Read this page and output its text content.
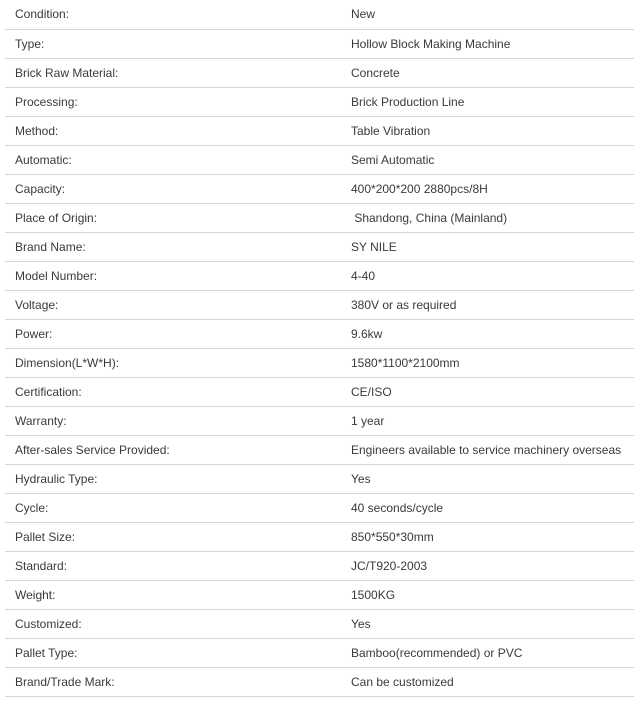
Condition:	New
Type:	Hollow Block Making Machine
Brick Raw Material:	Concrete
Processing:	Brick Production Line
Method:	Table Vibration
Automatic:	Semi Automatic
Capacity:	400*200*200 2880pcs/8H
Place of Origin:	Shandong, China (Mainland)
Brand Name:	SY NILE
Model Number:	4-40
Voltage:	380V or as required
Power:	9.6kw
Dimension(L*W*H):	1580*1100*2100mm
Certification:	CE/ISO
Warranty:	1 year
After-sales Service Provided:	Engineers available to service machinery overseas
Hydraulic Type:	Yes
Cycle:	40 seconds/cycle
Pallet Size:	850*550*30mm
Standard:	JC/T920-2003
Weight:	1500KG
Customized:	Yes
Pallet Type:	Bamboo(recommended) or PVC
Brand/Trade Mark:	Can be customized
